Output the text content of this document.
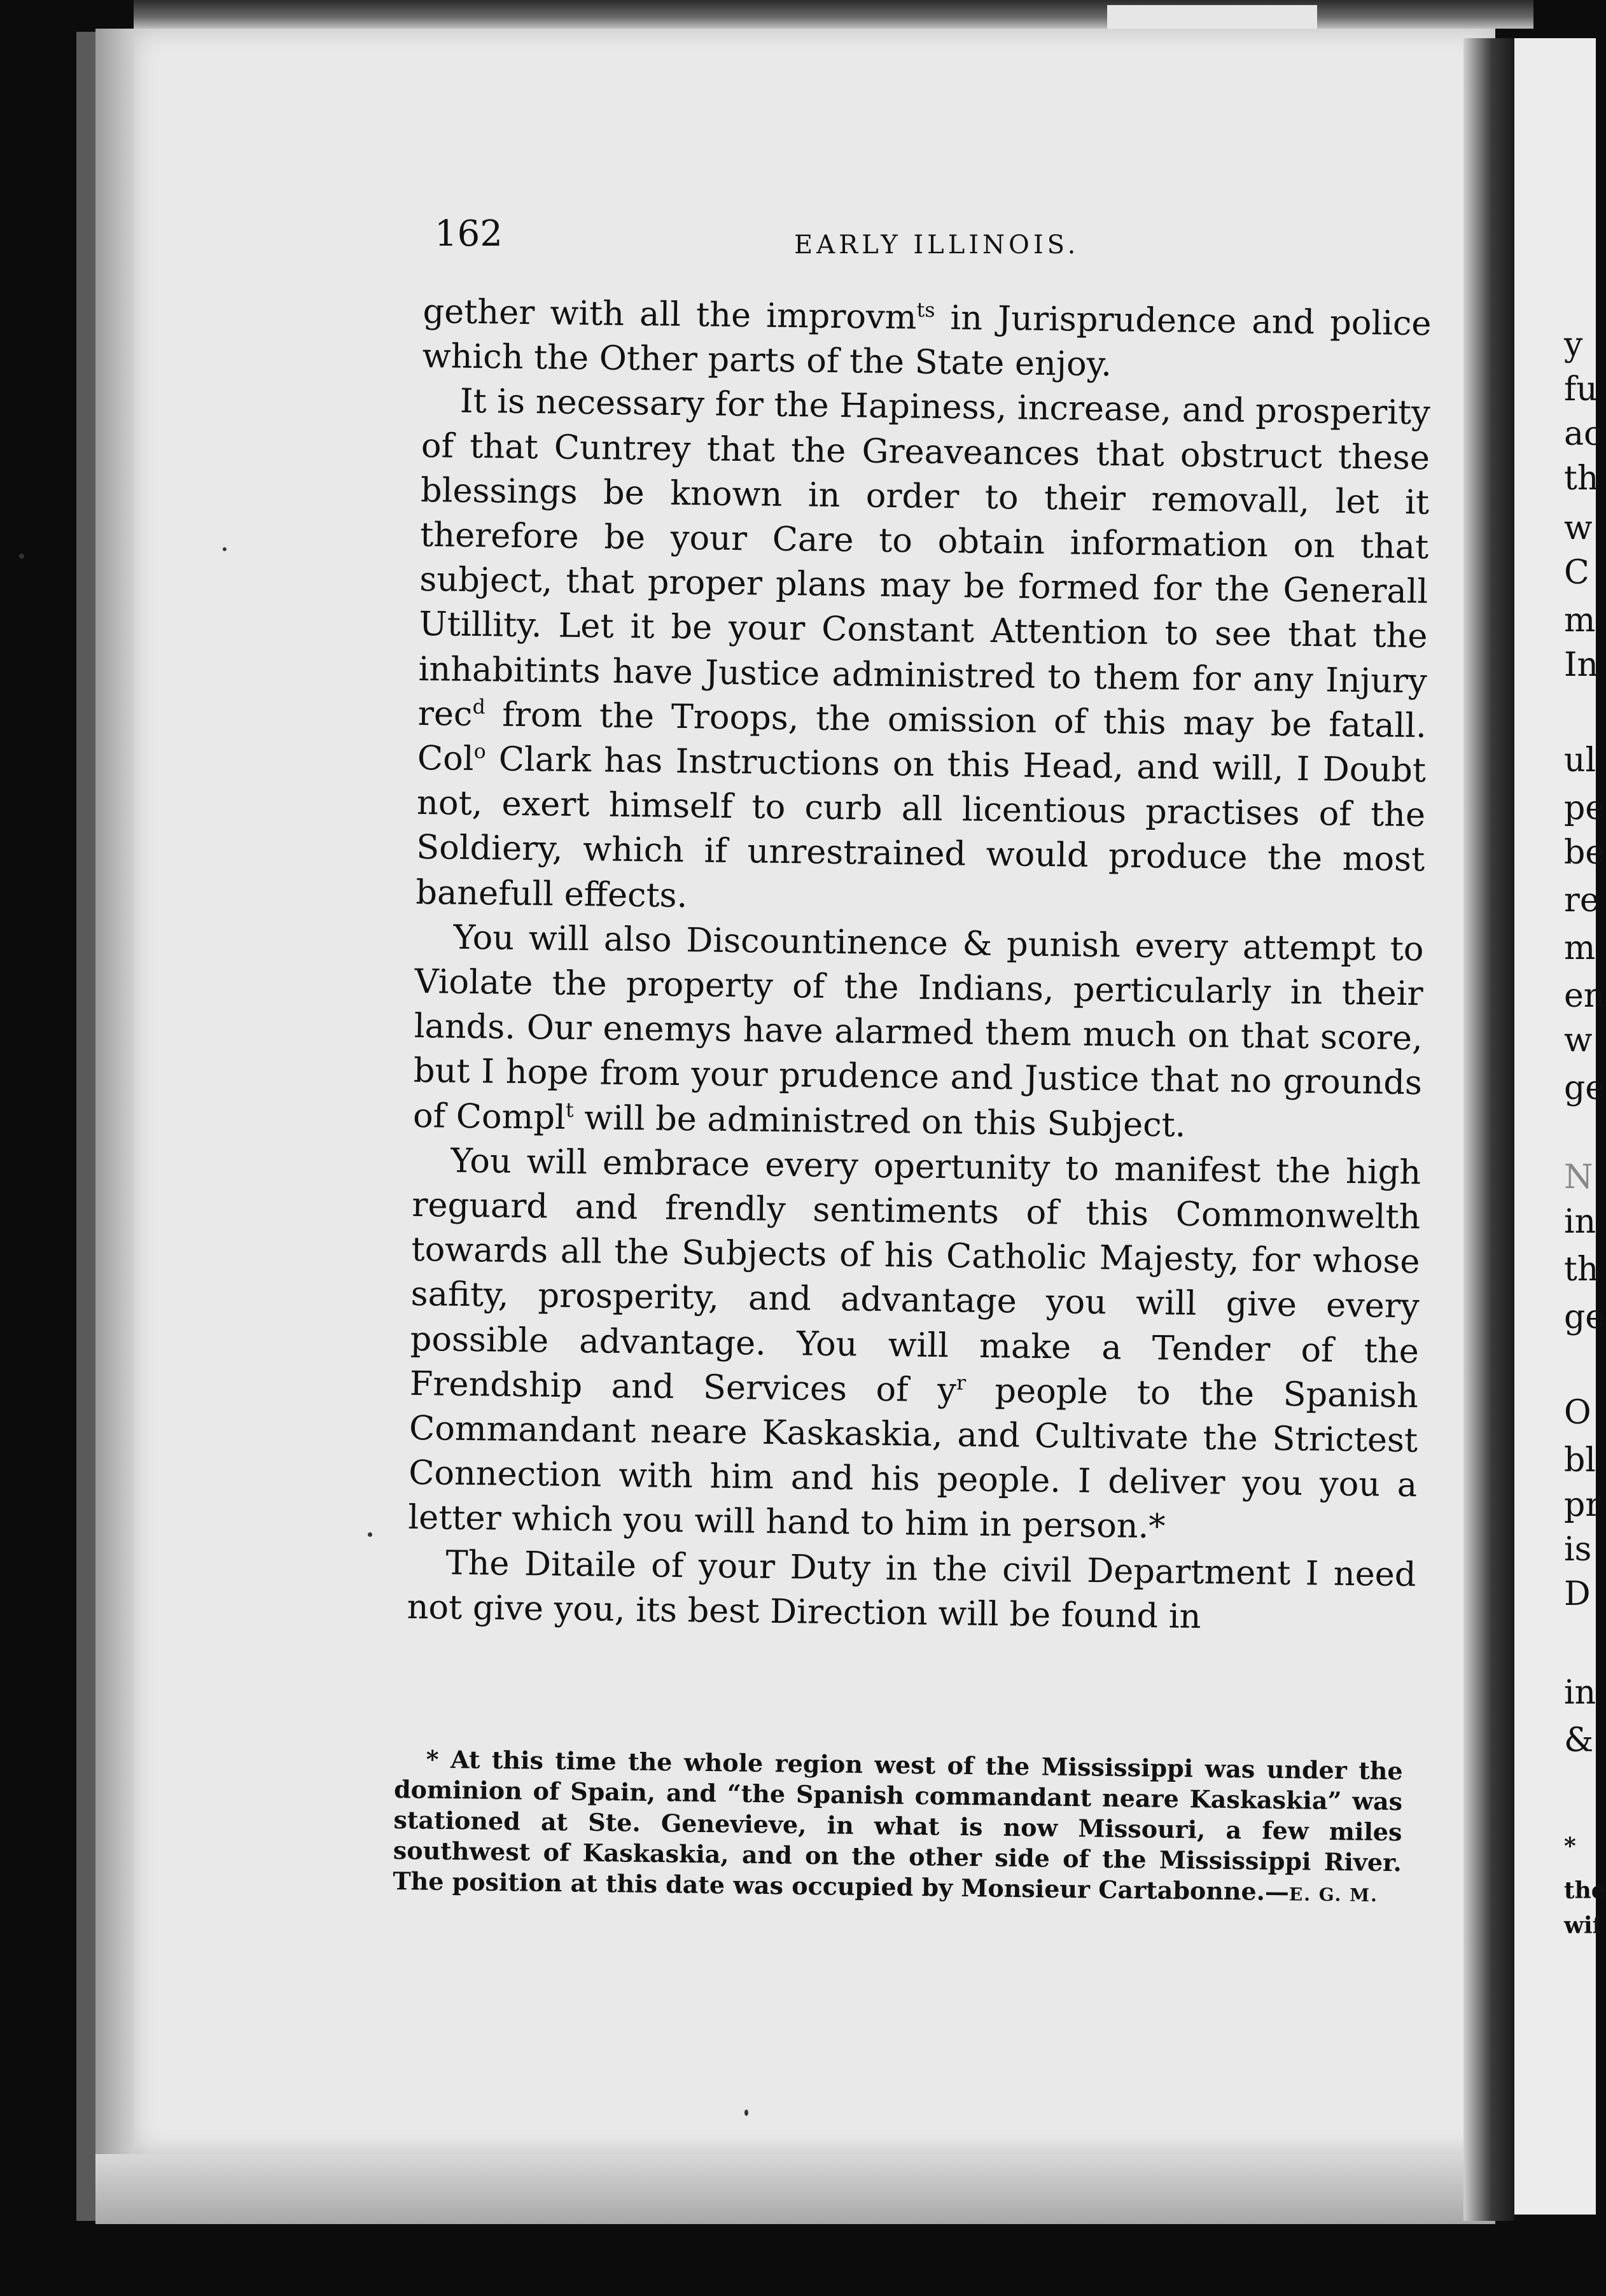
162	EARLY ILLINOIS.

gether with all the improvm$^{ts}$ in Jurisprudence and police which the Other parts of the State enjoy.

It is necessary for the Hapiness, increase, and prosperity of that Cuntrey that the Greaveances that obstruct these blessings be known in order to their removall, let it therefore be your Care to obtain information on that subject, that proper plans may be formed for the Generall Utillity. Let it be your Constant Attention to see that the inhabitints have Justice administred to them for any Injury rec$^d$ from the Troops, the omission of this may be fatall. Col$^o$ Clark has Instructions on this Head, and will, I Doubt not, exert himself to curb all licentious practises of the Soldiery, which if unrestrained would produce the most banefull effects.

You will also Discountinence & punish every attempt to Violate the property of the Indians, perticularly in their lands. Our enemys have alarmed them much on that score, but I hope from your prudence and Justice that no grounds of Compl$^t$ will be administred on this Subject.

You will embrace every opertunity to manifest the high reguard and frendly sentiments of this Commonwelth towards all the Subjects of his Catholic Majesty, for whose safity, prosperity, and advantage you will give every possible advantage. You will make a Tender of the Frendship and Services of $y^r$ people to the Spanish Commandant neare Kaskaskia, and Cultivate the Strictest Connection with him and his people. I deliver you you a letter which you will hand to him in person.*

The Ditaile of your Duty in the civil Department I need not give you, its best Direction will be found in

* At this time the whole region west of the Mississippi was under the dominion of Spain, and “the Spanish commandant neare Kaskaskia” was stationed at Ste. Genevieve, in what is now Missouri, a few miles southwest of Kaskaskia, and on the other side of the Mississippi River. The position at this date was occupied by Monsieur Cartabonne.—E. G. M.

y
fu
ac
th
w
C
m
In
ul
pe
be
re
m
en
w
ge
N
in
th
ge
O
bl
pr
is
D
in
&
*
the
wif
